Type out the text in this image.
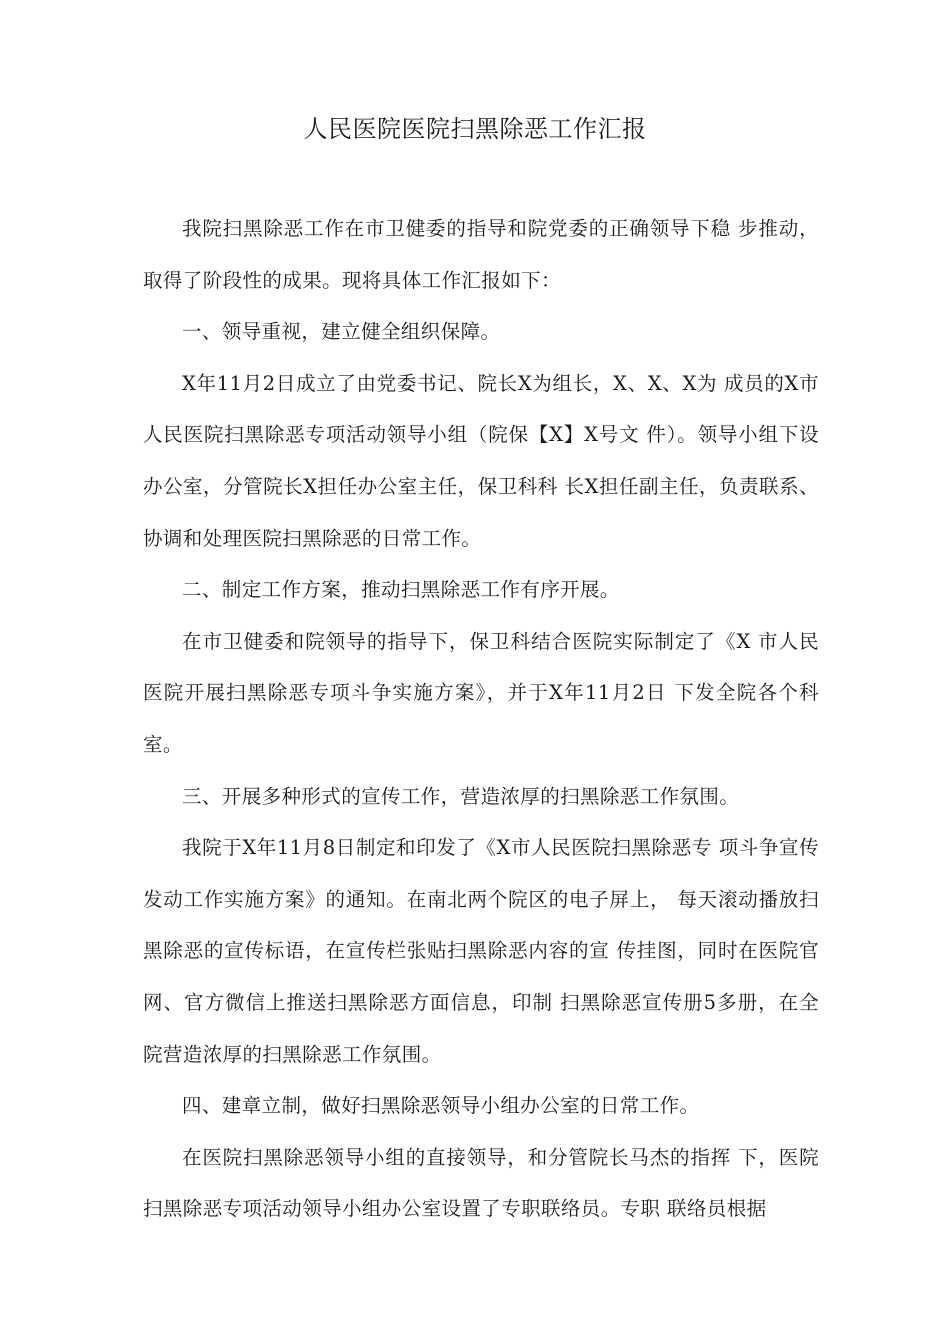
人民医院医院扫黑除恶工作汇报

我院扫黑除恶工作在市卫健委的指导和院党委的正确领导下稳 步推动，取得了阶段性的成果。现将具体工作汇报如下：

一、领导重视，建立健全组织保障。

X年11月2日成立了由党委书记、院长X为组长，X、X、X为 成员的X市人民医院扫黑除恶专项活动领导小组（院保【X】X号文 件）。领导小组下设办公室，分管院长X担任办公室主任，保卫科科 长X担任副主任，负责联系、协调和处理医院扫黑除恶的日常工作。

二、制定工作方案，推动扫黑除恶工作有序开展。

在市卫健委和院领导的指导下，保卫科结合医院实际制定了《X 市人民医院开展扫黑除恶专项斗争实施方案》，并于X年11月2日 下发全院各个科室。

三、开展多种形式的宣传工作，营造浓厚的扫黑除恶工作氛围。

我院于X年11月8日制定和印发了《X市人民医院扫黑除恶专 项斗争宣传发动工作实施方案》的通知。在南北两个院区的电子屏上， 每天滚动播放扫黑除恶的宣传标语，在宣传栏张贴扫黑除恶内容的宣 传挂图，同时在医院官网、官方微信上推送扫黑除恶方面信息，印制 扫黑除恶宣传册5多册，在全院营造浓厚的扫黑除恶工作氛围。

四、建章立制，做好扫黑除恶领导小组办公室的日常工作。

在医院扫黑除恶领导小组的直接领导，和分管院长马杰的指挥 下，医院扫黑除恶专项活动领导小组办公室设置了专职联络员。专职 联络员根据
